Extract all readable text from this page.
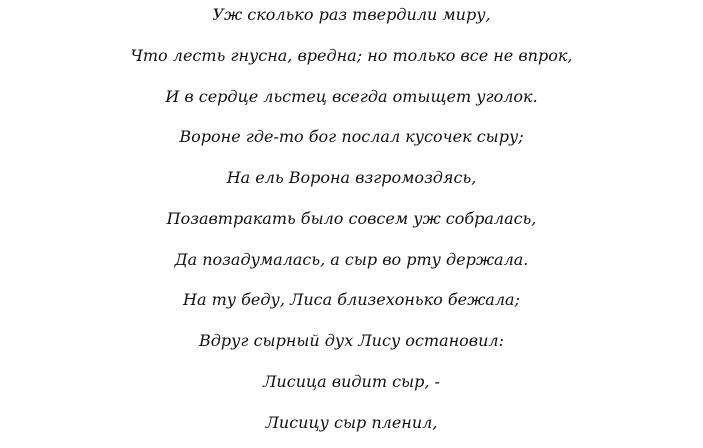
Уж сколько раз твердили миру,
Что лесть гнусна, вредна; но только все не впрок,
И в сердце льстец всегда отыщет уголок.
Вороне где-то бог послал кусочек сыру;
На ель Ворона взгромоздясь,
Позавтракать было совсем уж собралась,
Да позадумалась, а сыр во рту держала.
На ту беду, Лиса близехонько бежала;
Вдруг сырный дух Лису остановил:
Лисица видит сыр, -
Лисицу сыр пленил,
